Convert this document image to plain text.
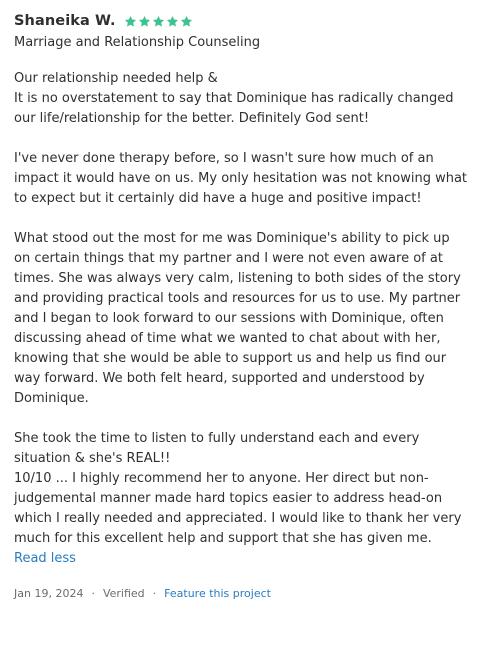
Shaneika W.
Marriage and Relationship Counseling

Our relationship needed help &
It is no overstatement to say that Dominique has radically changed our life/relationship for the better. Definitely God sent!

I've never done therapy before, so I wasn't sure how much of an impact it would have on us. My only hesitation was not knowing what to expect but it certainly did have a huge and positive impact!

What stood out the most for me was Dominique's ability to pick up on certain things that my partner and I were not even aware of at times. She was always very calm, listening to both sides of the story and providing practical tools and resources for us to use. My partner and I began to look forward to our sessions with Dominique, often discussing ahead of time what we wanted to chat about with her, knowing that she would be able to support us and help us find our way forward. We both felt heard, supported and understood by Dominique.

She took the time to listen to fully understand each and every situation & she's REAL!!
10/10 ... I highly recommend her to anyone. Her direct but non-judgemental manner made hard topics easier to address head-on which I really needed and appreciated. I would like to thank her very much for this excellent help and support that she has given me.

Read less
Jan 19, 2024 · Verified · Feature this project
